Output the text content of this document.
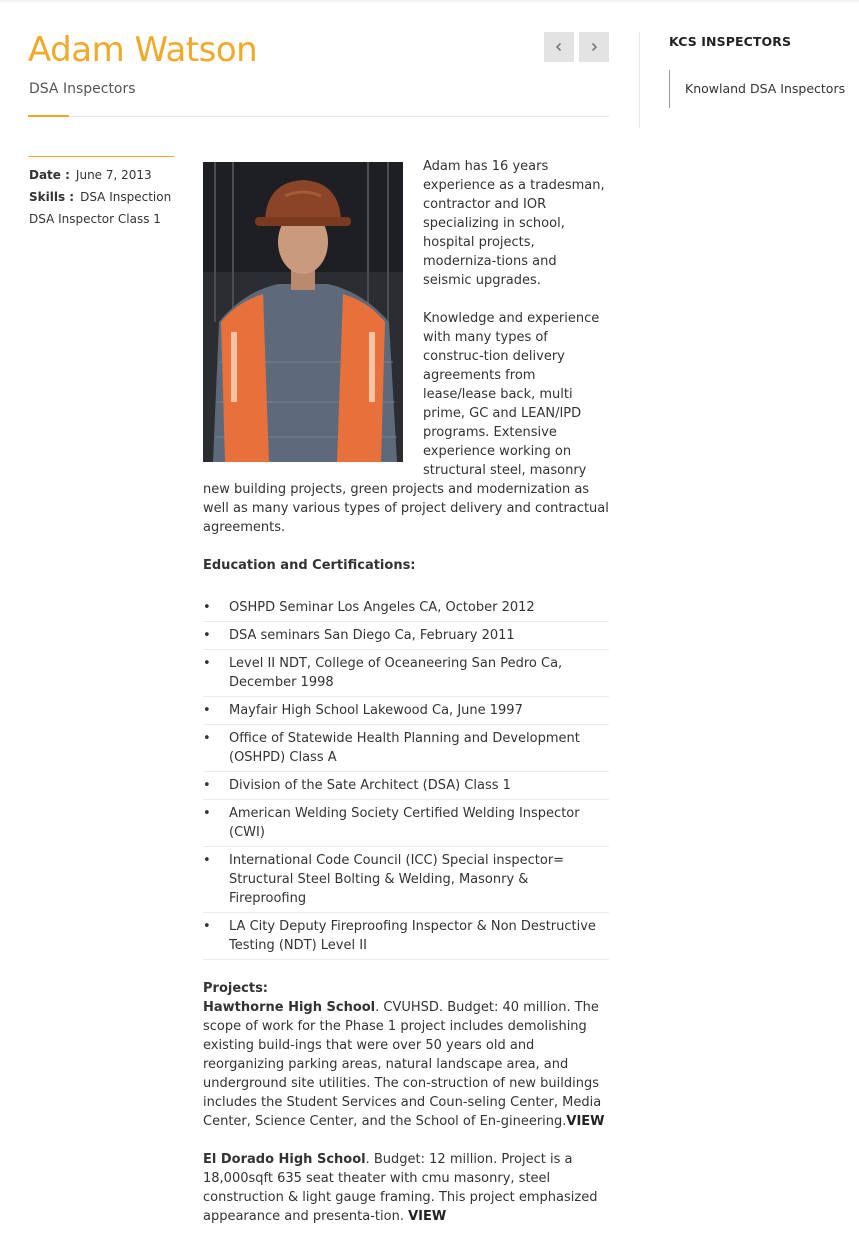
Adam Watson
DSA Inspectors
KCS INSPECTORS
Knowland DSA Inspectors
Date : June 7, 2013
Skills : DSA Inspection
DSA Inspector Class 1

Adam has 16 years experience as a tradesman, contractor and IOR specializing in school, hospital projects, moderniza-tions and seismic upgrades.

Knowledge and experience with many types of construc-tion delivery agreements from lease/lease back, multi prime, GC and LEAN/IPD programs. Extensive experience working on structural steel, masonry new building projects, green projects and modernization as well as many various types of project delivery and contractual agreements.

Education and Certifications:
• OSHPD Seminar Los Angeles CA, October 2012
• DSA seminars San Diego Ca, February 2011
• Level II NDT, College of Oceaneering San Pedro Ca, December 1998
• Mayfair High School Lakewood Ca, June 1997
• Office of Statewide Health Planning and Development (OSHPD) Class A
• Division of the Sate Architect (DSA) Class 1
• American Welding Society Certified Welding Inspector (CWI)
• International Code Council (ICC) Special inspector= Structural Steel Bolting & Welding, Masonry & Fireproofing
• LA City Deputy Fireproofing Inspector & Non Destructive Testing (NDT) Level II
Projects:

Hawthorne High School. CVUHSD. Budget: 40 million. The scope of work for the Phase 1 project includes demolishing existing build-ings that were over 50 years old and reorganizing parking areas, natural landscape area, and underground site utilities. The con-struction of new buildings includes the Student Services and Coun-seling Center, Media Center, Science Center, and the School of En-gineering.VIEW

El Dorado High School. Budget: 12 million. Project is a 18,000sqft 635 seat theater with cmu masonry, steel construction & light gauge framing. This project emphasized appearance and presenta-tion. VIEW
